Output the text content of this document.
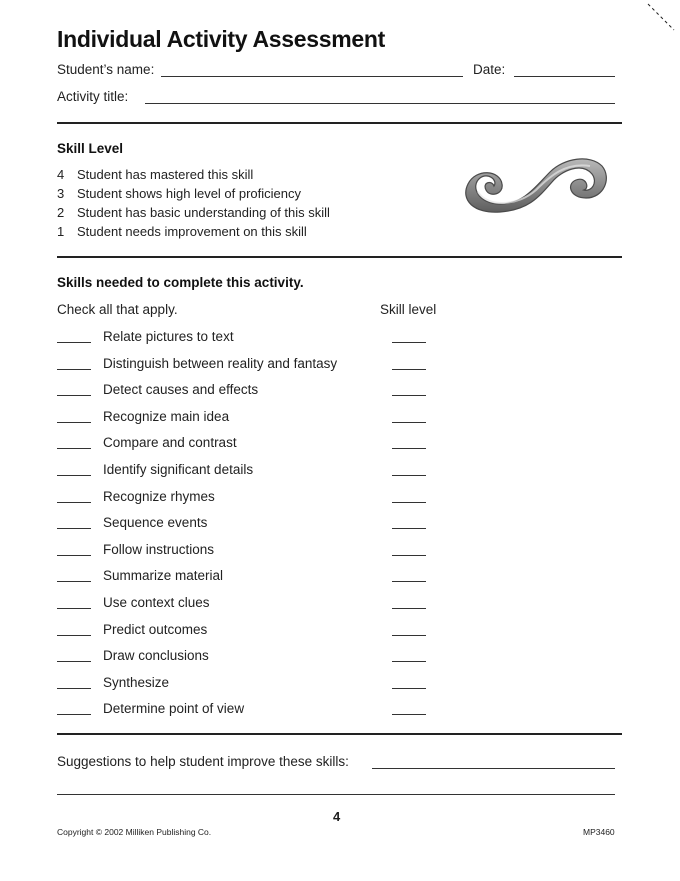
Individual Activity Assessment
Student’s name:	Date:
Activity title:
Skill Level
4 Student has mastered this skill
3 Student shows high level of proficiency
2 Student has basic understanding of this skill
1 Student needs improvement on this skill
Skills needed to complete this activity.
Check all that apply.	Skill level
Relate pictures to text
Distinguish between reality and fantasy
Detect causes and effects
Recognize main idea
Compare and contrast
Identify significant details
Recognize rhymes
Sequence events
Follow instructions
Summarize material
Use context clues
Predict outcomes
Draw conclusions
Synthesize
Determine point of view
Suggestions to help student improve these skills:
4
Copyright © 2002 Milliken Publishing Co.	MP3460
